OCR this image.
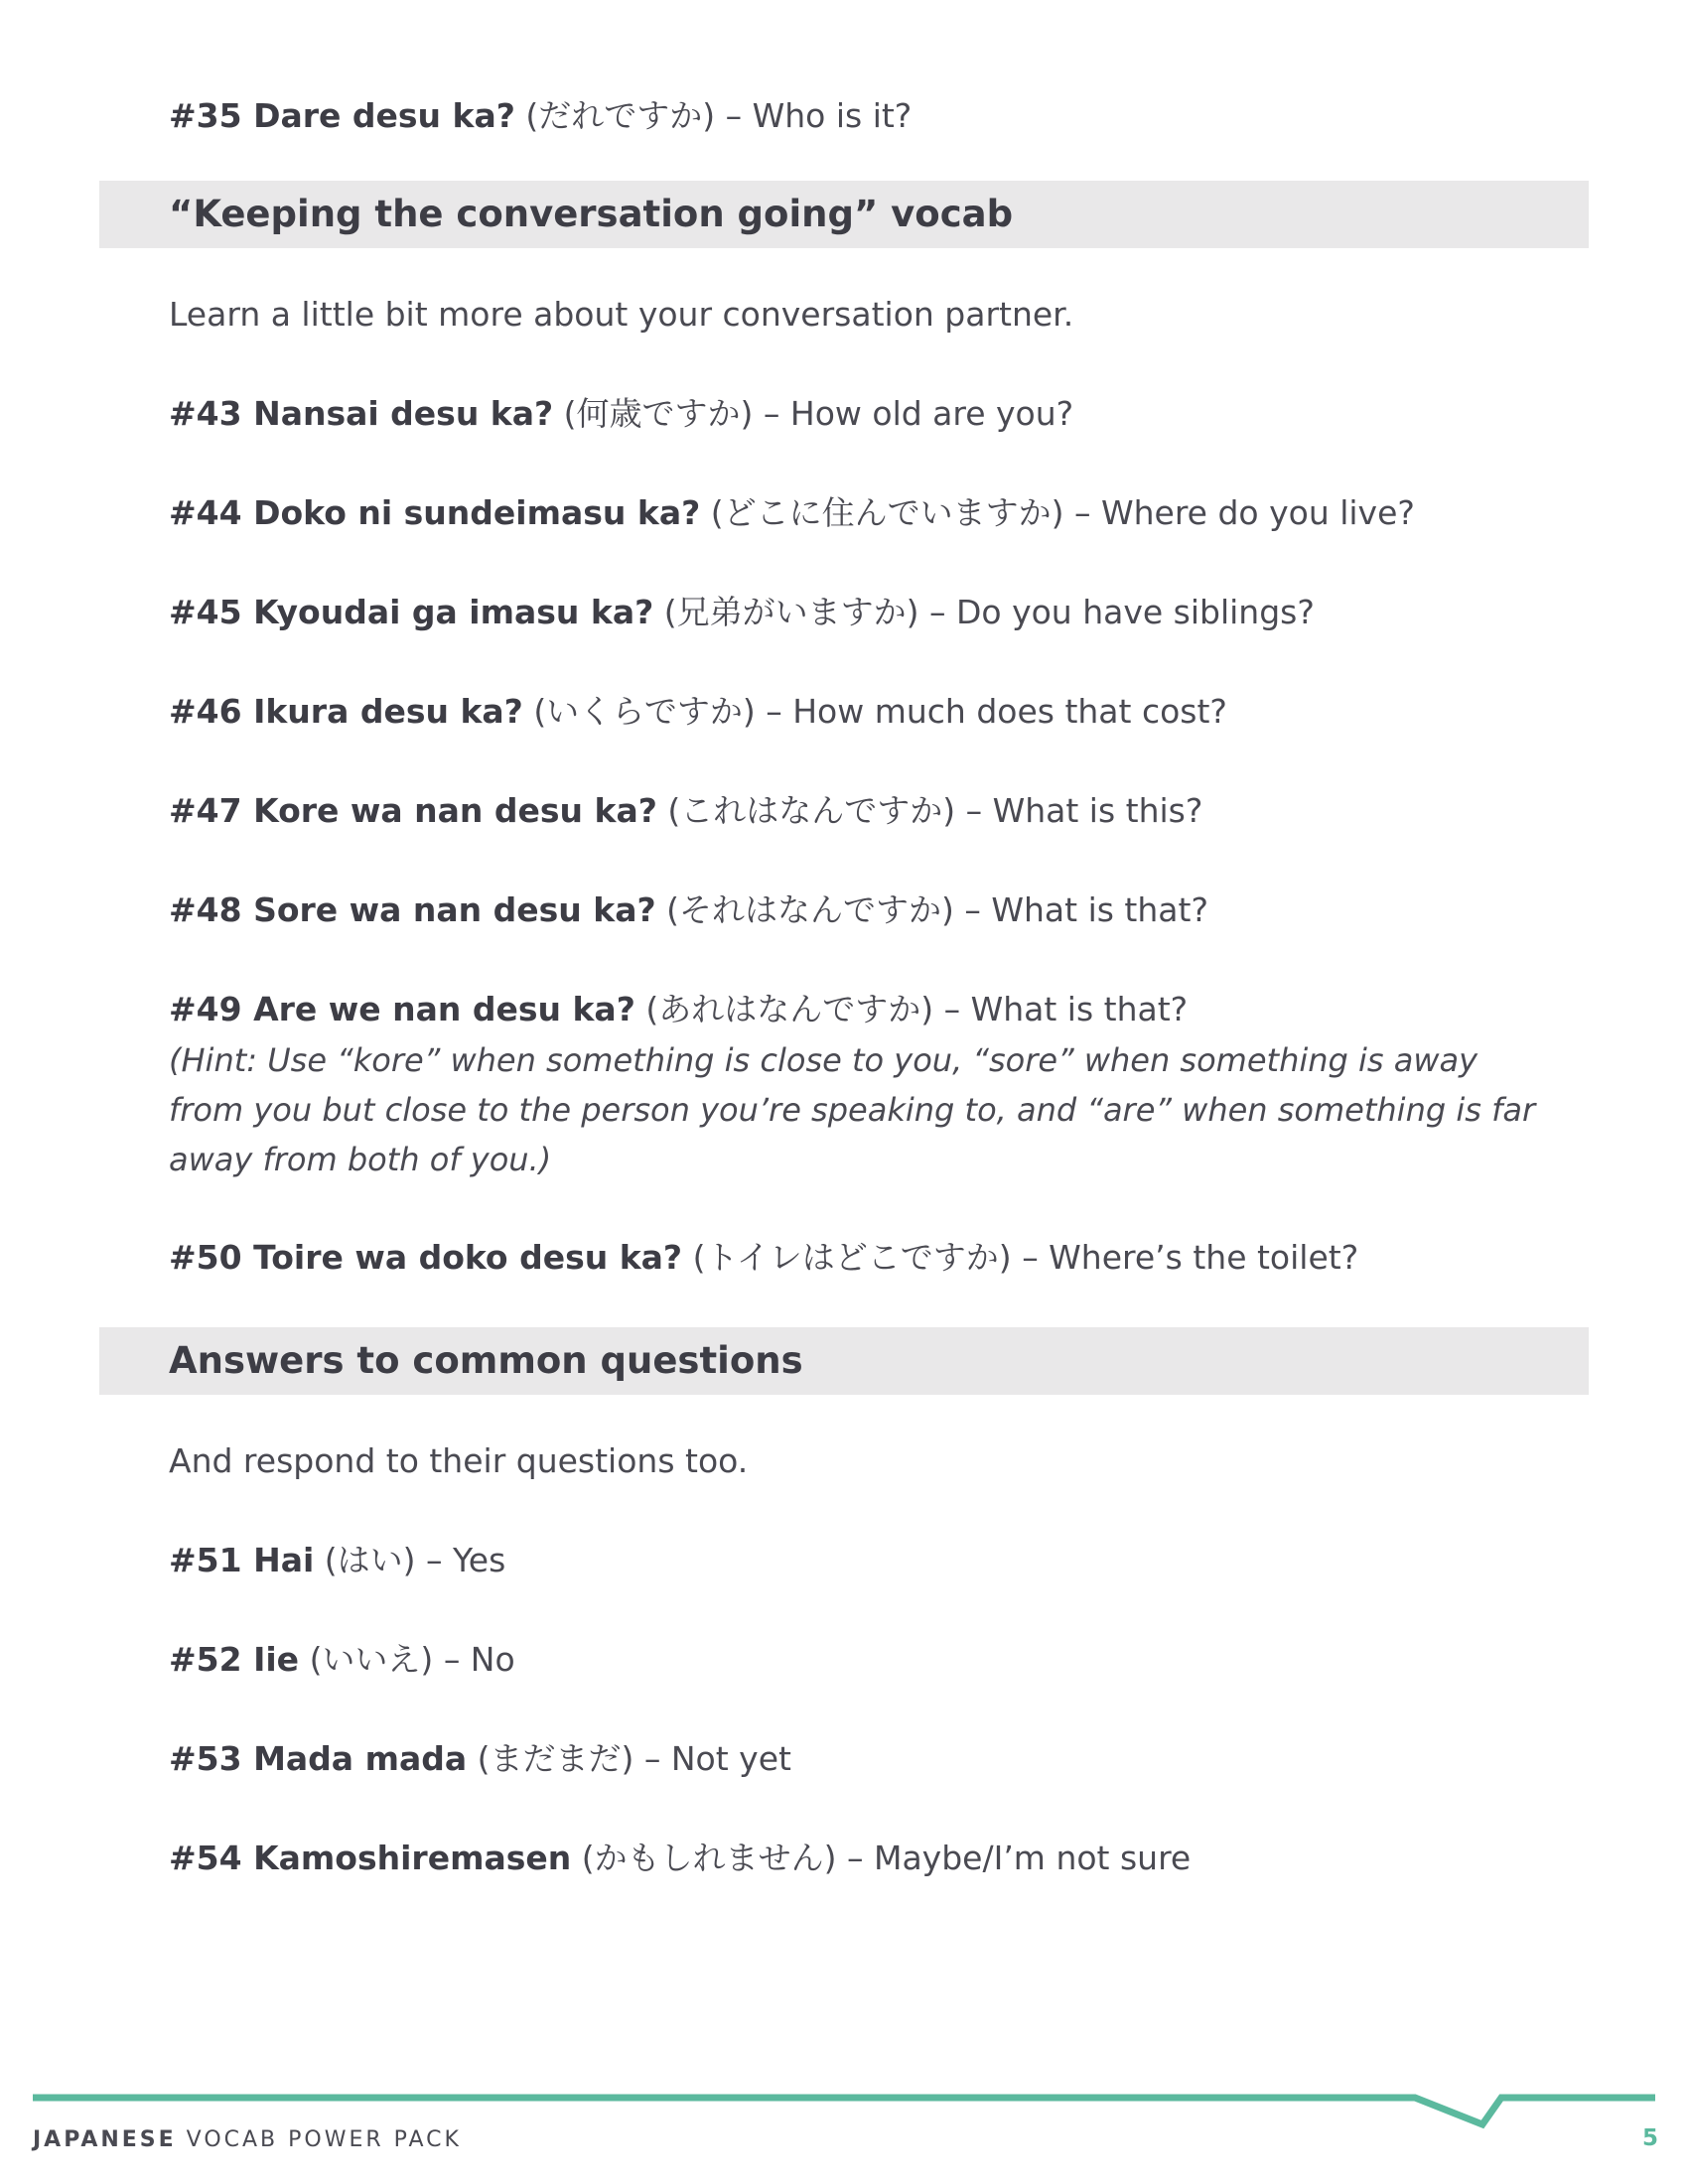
#35 Dare desu ka? (だれですか) – Who is it?
“Keeping the conversation going” vocab
Learn a little bit more about your conversation partner.
#43 Nansai desu ka? (何歳ですか) – How old are you?
#44 Doko ni sundeimasu ka? (どこに住んでいますか) – Where do you live?
#45 Kyoudai ga imasu ka? (兄弟がいますか) – Do you have siblings?
#46 Ikura desu ka? (いくらですか) – How much does that cost?
#47 Kore wa nan desu ka? (これはなんですか) – What is this?
#48 Sore wa nan desu ka? (それはなんですか) – What is that?
#49 Are we nan desu ka? (あれはなんですか) – What is that?
(Hint: Use “kore” when something is close to you, “sore” when something is away
from you but close to the person you’re speaking to, and “are” when something is far
away from both of you.)
#50 Toire wa doko desu ka? (トイレはどこですか) – Where’s the toilet?
Answers to common questions
And respond to their questions too.
#51 Hai (はい) – Yes
#52 Iie (いいえ) – No
#53 Mada mada (まだまだ) – Not yet
#54 Kamoshiremasen (かもしれません) – Maybe/I’m not sure
JAPANESE VOCAB POWER PACK	5
